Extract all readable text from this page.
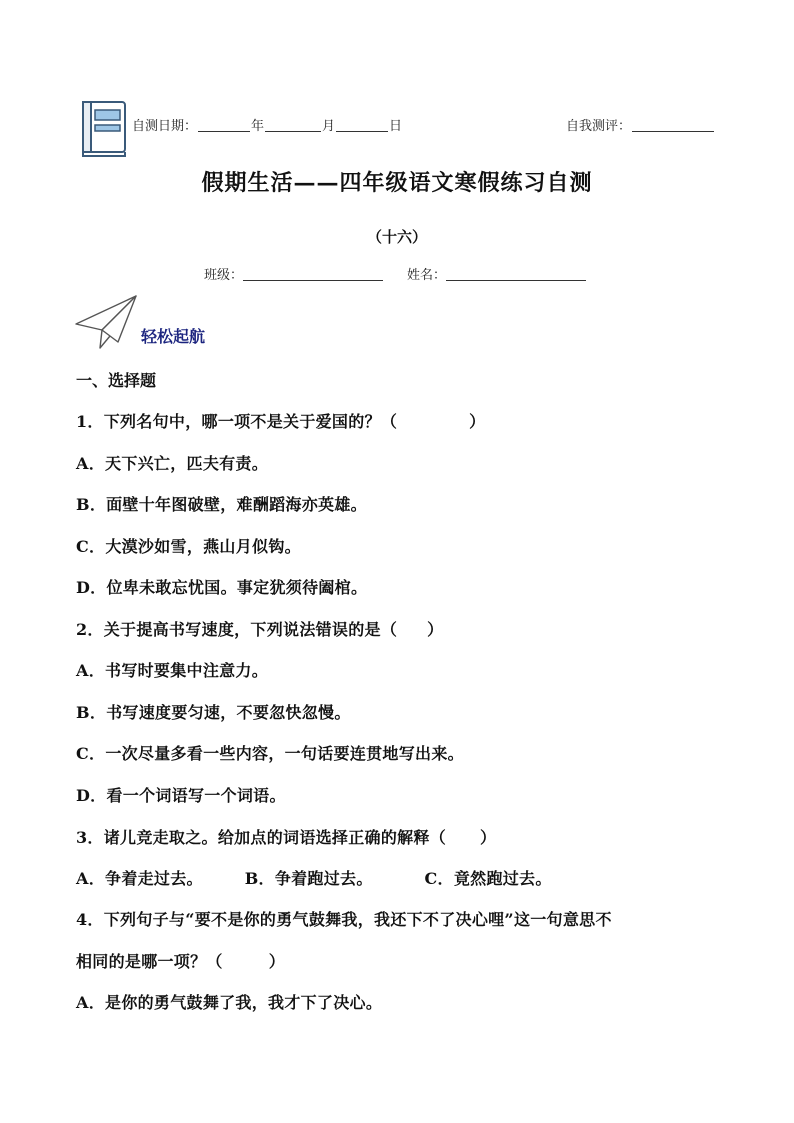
自测日期：	年	月	日	自我测评：
假期生活——四年级语文寒假练习自测
（十六）
班级：	姓名：
轻松起航
一、选择题
1．下列名句中，哪一项不是关于爱国的？（	）
A．天下兴亡，匹夫有责。
B．面壁十年图破壁，难酬蹈海亦英雄。
C．大漠沙如雪，燕山月似钩。
D．位卑未敢忘忧国。事定犹须待阖棺。
2．关于提高书写速度，下列说法错误的是（ ）
A．书写时要集中注意力。
B．书写速度要匀速，不要忽快忽慢。
C．一次尽量多看一些内容，一句话要连贯地写出来。
D．看一个词语写一个词语。
3．诸儿竞走取之。给加点的词语选择正确的解释（ ）
A．争着走过去。	B．争着跑过去。	C．竟然跑过去。
4．下列句子与“要不是你的勇气鼓舞我，我还下不了决心哩”这一句意思不
相同的是哪一项？（	）
A．是你的勇气鼓舞了我，我才下了决心。
